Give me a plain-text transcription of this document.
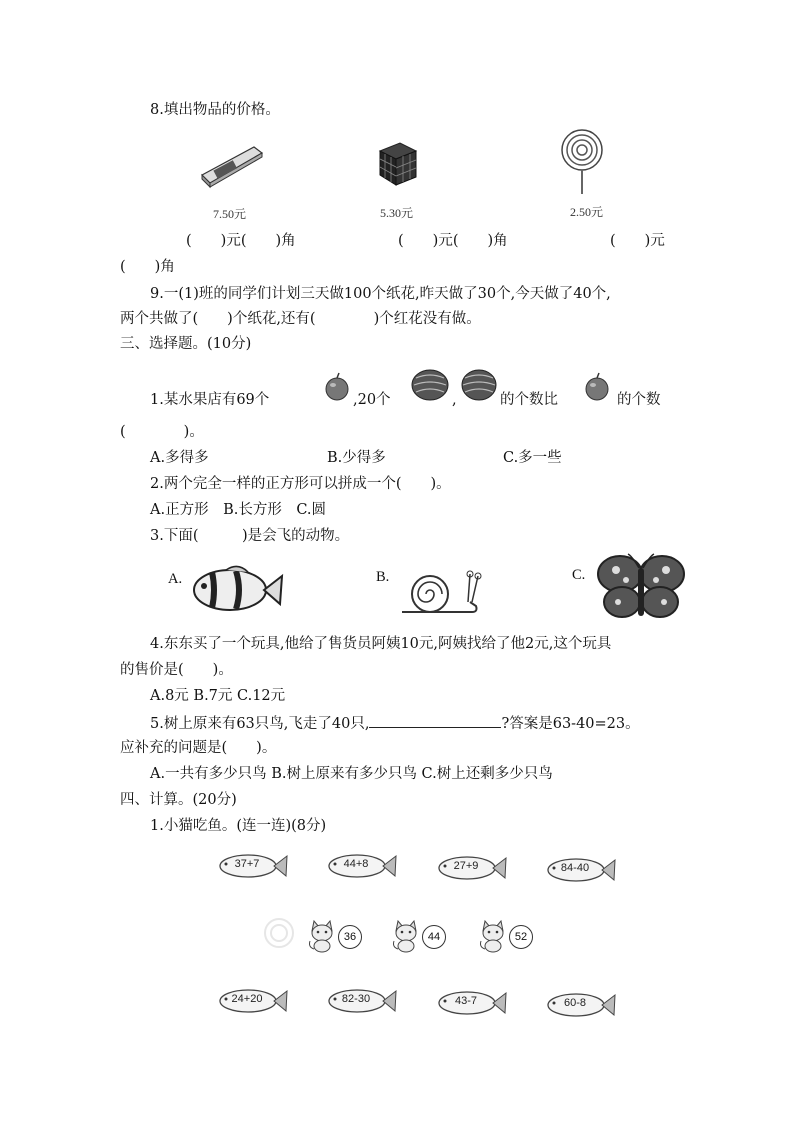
8.填出物品的价格。
7.50元	5.30元	2.50元
(　　)元(　　)角	(　　)元(　　)角	(　　)元
(　　)角
9.一(1)班的同学们计划三天做100个纸花,昨天做了30个,今天做了40个,
两个共做了(　　)个纸花,还有(　　　　)个红花没有做。
三、选择题。(10分)
1.某水果店有69个	,20个	,	的个数比	的个数
(　　　　)。
A.多得多	B.少得多	C.多一些
2.两个完全一样的正方形可以拼成一个(　　)。
A.正方形　B.长方形　C.圆
3.下面(　　　)是会飞的动物。
A.	B.	C.
4.东东买了一个玩具,他给了售货员阿姨10元,阿姨找给了他2元,这个玩具
的售价是(　　)。
A.8元 B.7元 C.12元
5.树上原来有63只鸟,飞走了40只,	?答案是63-40=23。
应补充的问题是(　　)。
A.一共有多少只鸟 B.树上原来有多少只鸟 C.树上还剩多少只鸟
四、计算。(20分)
1.小猫吃鱼。(连一连)(8分)
37+7	44+8	27+9	84-40
36	44	52
24+20	82-30	43-7	60-8
